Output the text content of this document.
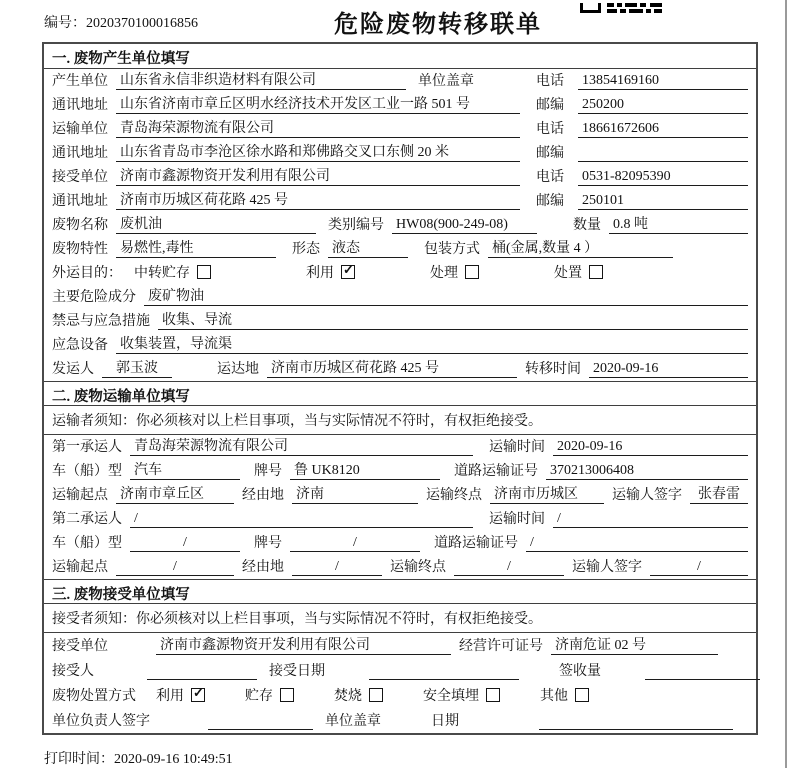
编号：2020370100016856	危险废物转移联单
一. 废物产生单位填写
产生单位 山东省永信非织造材料有限公司	单位盖章	电话	13854169160
通讯地址 山东省济南市章丘区明水经济技术开发区工业一路 501 号	邮编	250200
运输单位 青岛海荣源物流有限公司	电话	18661672606
通讯地址 山东省青岛市李沧区徐水路和郑佛路交叉口东侧 20 米	邮编
接受单位 济南市鑫源物资开发利用有限公司	电话	0531-82095390
通讯地址 济南市历城区荷花路 425 号	邮编	250101
废物名称 废机油	类别编号 HW08(900-249-08)	数量 0.8 吨
废物特性 易燃性,毒性	形态 液态	包装方式 桶(金属,数量 4 ）
外运目的： 中转贮存	利用 ✓	处理	处置
主要危险成分 废矿物油
禁忌与应急措施 收集、导流
应急设备 收集装置，导流渠
发运人	郭玉波	运达地 济南市历城区荷花路 425 号	转移时间 2020-09-16
二. 废物运输单位填写
运输者须知：你必须核对以上栏目事项，当与实际情况不符时，有权拒绝接受。
第一承运人 青岛海荣源物流有限公司	运输时间 2020-09-16
车（船）型 汽车	牌号 鲁 UK8120	道路运输证号 370213006408
运输起点 济南市章丘区	经由地 济南	运输终点 济南市历城区	运输人签字	张春雷
第二承运人 /	运输时间 /
车（船）型	/	牌号	/	道路运输证号 /
运输起点	/	经由地	/	运输终点	/	运输人签字	/
三. 废物接受单位填写
接受者须知：你必须核对以上栏目事项，当与实际情况不符时，有权拒绝接受。
接受单位	济南市鑫源物资开发利用有限公司	经营许可证号 济南危证 02 号
接受人	接受日期	签收量
废物处置方式 利用 ✓	贮存	焚烧	安全填埋	其他
单位负责人签字	单位盖章	日期
打印时间：2020-09-16 10:49:51
